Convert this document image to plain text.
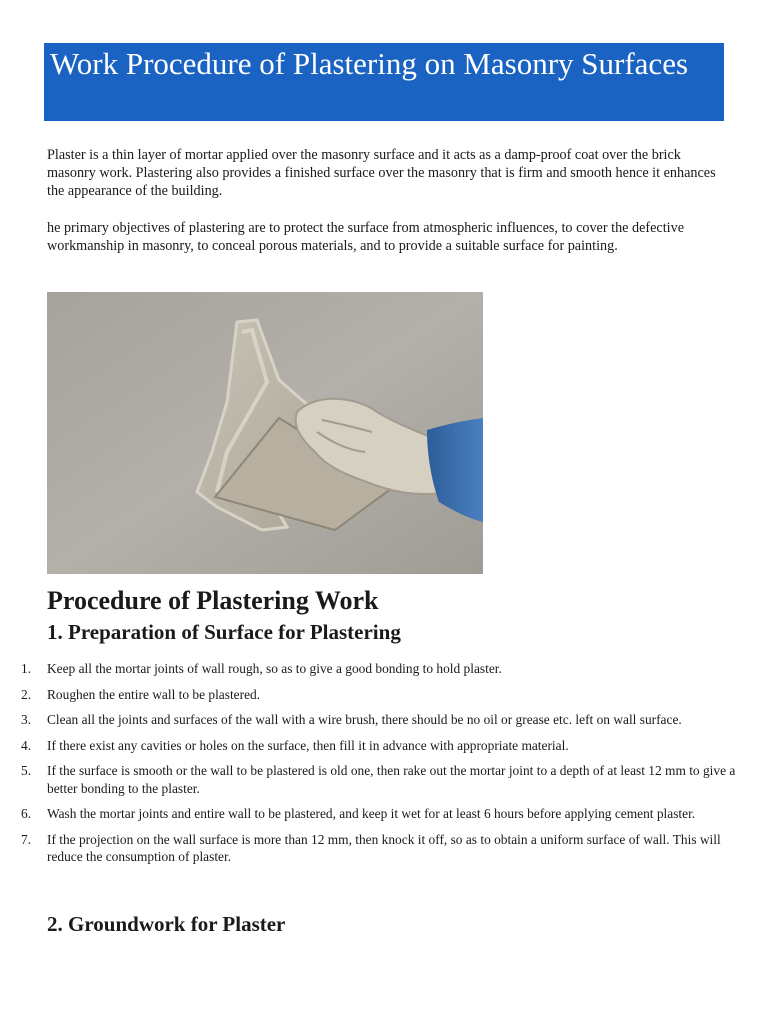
Work Procedure of Plastering on Masonry Surfaces

Plaster is a thin layer of mortar applied over the masonry surface and it acts as a damp-proof coat over the brick masonry work. Plastering also provides a finished surface over the masonry that is firm and smooth hence it enhances the appearance of the building.

he primary objectives of plastering are to protect the surface from atmospheric influences, to cover the defective workmanship in masonry, to conceal porous materials, and to provide a suitable surface for painting.

Procedure of Plastering Work
1. Preparation of Surface for Plastering
1. Keep all the mortar joints of wall rough, so as to give a good bonding to hold plaster.
2. Roughen the entire wall to be plastered.
3. Clean all the joints and surfaces of the wall with a wire brush, there should be no oil or grease etc. left on wall surface.
4. If there exist any cavities or holes on the surface, then fill it in advance with appropriate material.
5. If the surface is smooth or the wall to be plastered is old one, then rake out the mortar joint to a depth of at least 12 mm to give a better bonding to the plaster.
6. Wash the mortar joints and entire wall to be plastered, and keep it wet for at least 6 hours before applying cement plaster.
7. If the projection on the wall surface is more than 12 mm, then knock it off, so as to obtain a uniform surface of wall. This will reduce the consumption of plaster.
2. Groundwork for Plaster
